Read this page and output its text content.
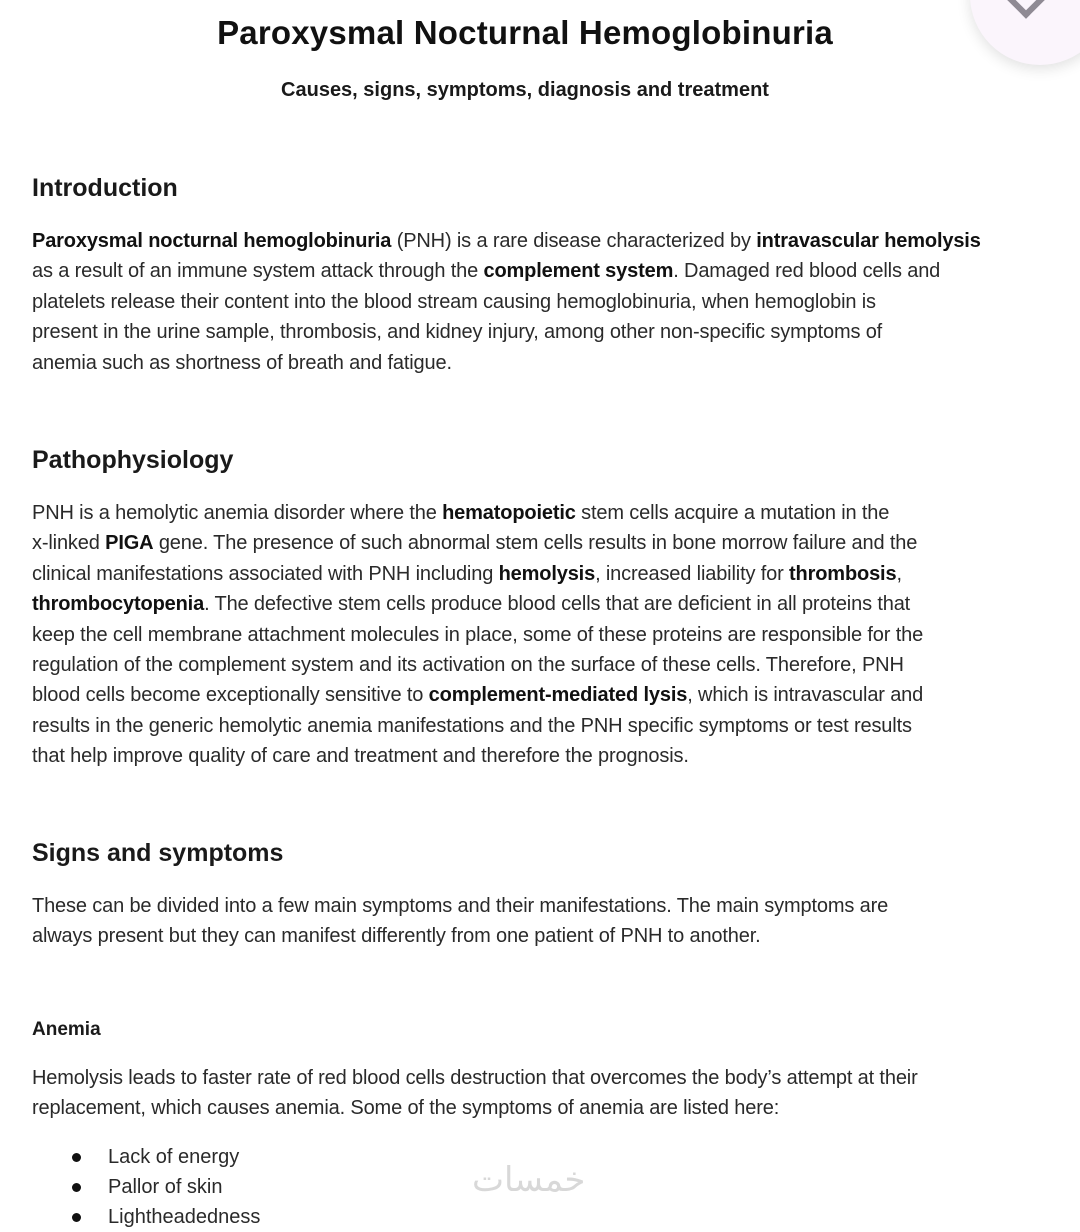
Paroxysmal Nocturnal Hemoglobinuria
Causes, signs, symptoms, diagnosis and treatment
Introduction
Paroxysmal nocturnal hemoglobinuria (PNH) is a rare disease characterized by intravascular hemolysis
as a result of an immune system attack through the complement system. Damaged red blood cells and
platelets release their content into the blood stream causing hemoglobinuria, when hemoglobin is
present in the urine sample, thrombosis, and kidney injury, among other non-specific symptoms of
anemia such as shortness of breath and fatigue.
Pathophysiology
PNH is a hemolytic anemia disorder where the hematopoietic stem cells acquire a mutation in the
x-linked PIGA gene. The presence of such abnormal stem cells results in bone morrow failure and the
clinical manifestations associated with PNH including hemolysis, increased liability for thrombosis,
thrombocytopenia. The defective stem cells produce blood cells that are deficient in all proteins that
keep the cell membrane attachment molecules in place, some of these proteins are responsible for the
regulation of the complement system and its activation on the surface of these cells. Therefore, PNH
blood cells become exceptionally sensitive to complement-mediated lysis, which is intravascular and
results in the generic hemolytic anemia manifestations and the PNH specific symptoms or test results
that help improve quality of care and treatment and therefore the prognosis.
Signs and symptoms
These can be divided into a few main symptoms and their manifestations. The main symptoms are
always present but they can manifest differently from one patient of PNH to another.
Anemia
Hemolysis leads to faster rate of red blood cells destruction that overcomes the body’s attempt at their
replacement, which causes anemia. Some of the symptoms of anemia are listed here:
Lack of energy
Pallor of skin
Lightheadedness
خمسات
